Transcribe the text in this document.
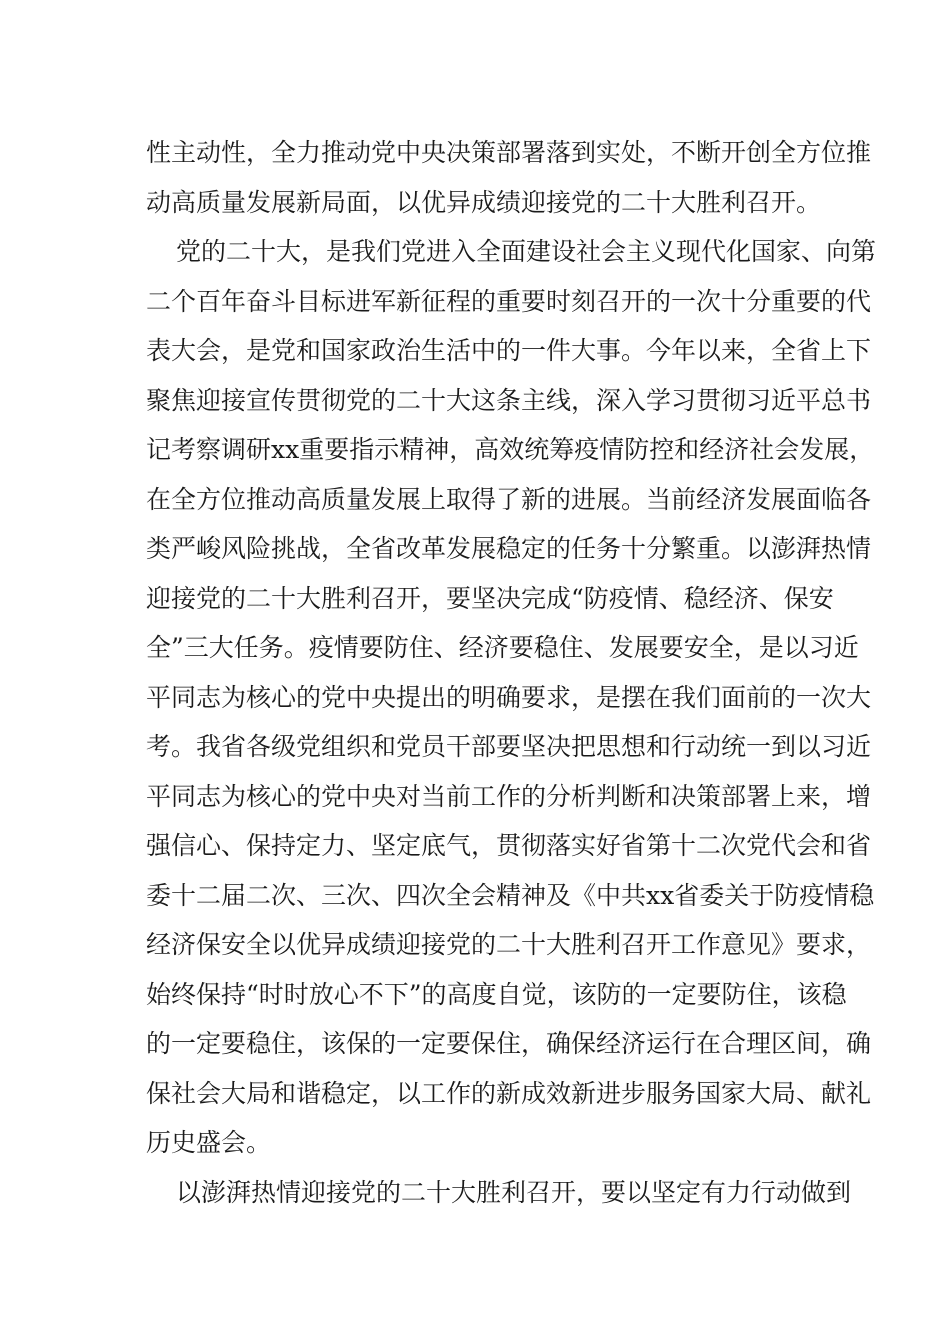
性主动性，全力推动党中央决策部署落到实处，不断开创全方位推
动高质量发展新局面，以优异成绩迎接党的二十大胜利召开。
党的二十大，是我们党进入全面建设社会主义现代化国家、向第
二个百年奋斗目标进军新征程的重要时刻召开的一次十分重要的代
表大会，是党和国家政治生活中的一件大事。今年以来，全省上下
聚焦迎接宣传贯彻党的二十大这条主线，深入学习贯彻习近平总书
记考察调研xx重要指示精神，高效统筹疫情防控和经济社会发展，
在全方位推动高质量发展上取得了新的进展。当前经济发展面临各
类严峻风险挑战，全省改革发展稳定的任务十分繁重。以澎湃热情
迎接党的二十大胜利召开，要坚决完成“防疫情、稳经济、保安
全”三大任务。疫情要防住、经济要稳住、发展要安全，是以习近
平同志为核心的党中央提出的明确要求，是摆在我们面前的一次大
考。我省各级党组织和党员干部要坚决把思想和行动统一到以习近
平同志为核心的党中央对当前工作的分析判断和决策部署上来，增
强信心、保持定力、坚定底气，贯彻落实好省第十二次党代会和省
委十二届二次、三次、四次全会精神及《中共xx省委关于防疫情稳
经济保安全以优异成绩迎接党的二十大胜利召开工作意见》要求，
始终保持“时时放心不下”的高度自觉，该防的一定要防住，该稳
的一定要稳住，该保的一定要保住，确保经济运行在合理区间，确
保社会大局和谐稳定，以工作的新成效新进步服务国家大局、献礼
历史盛会。
以澎湃热情迎接党的二十大胜利召开，要以坚定有力行动做到
